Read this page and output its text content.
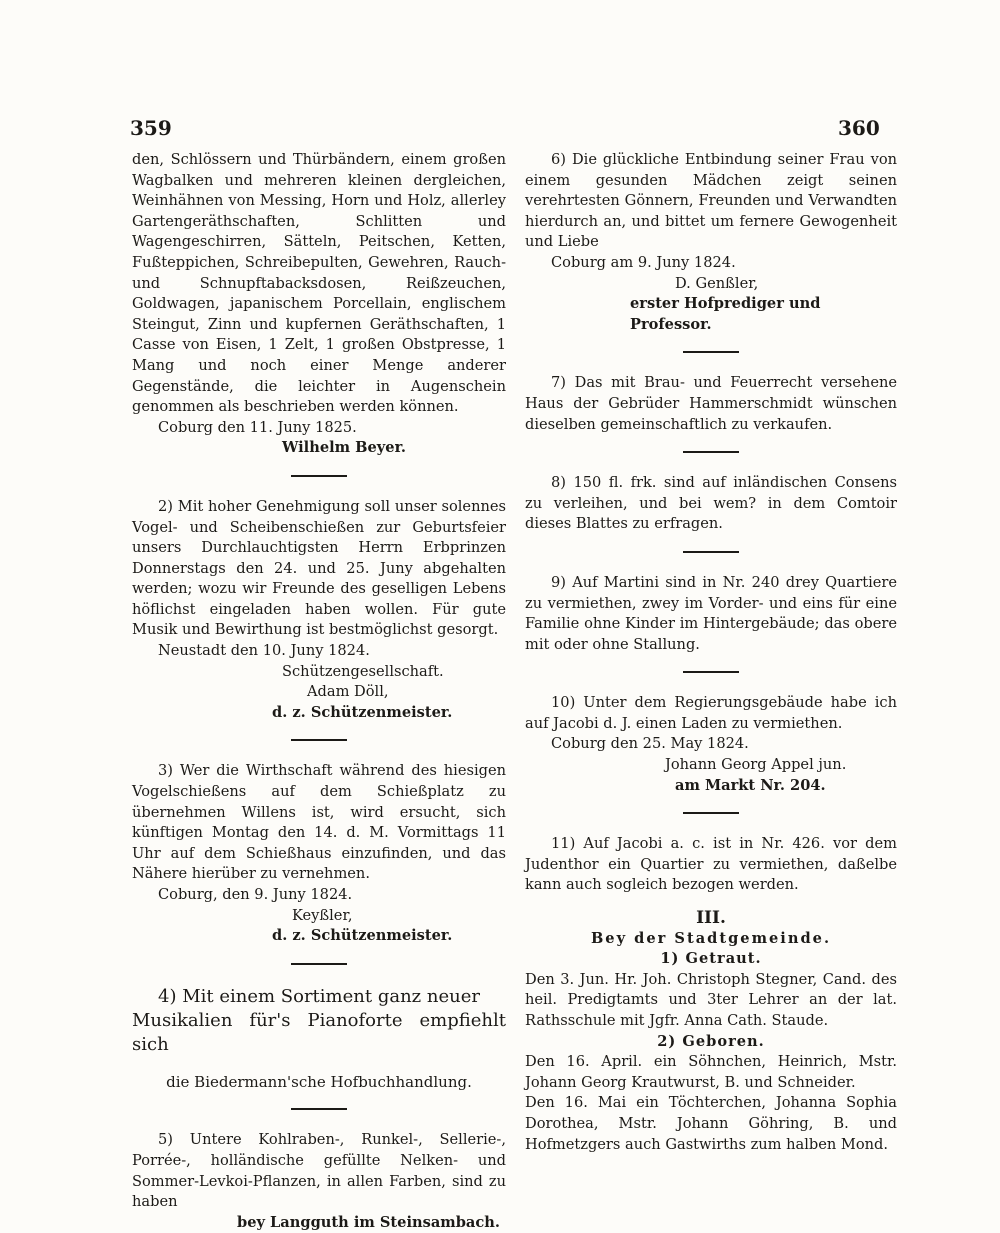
359	360

den, Schlössern und Thürbändern, einem großen Wagbalken und mehreren kleinen dergleichen, Weinhähnen von Messing, Horn und Holz, allerley Gartengeräthschaften, Schlitten und Wagengeschirren, Sätteln, Peitschen, Ketten, Fußteppichen, Schreibepulten, Gewehren, Rauch- und Schnupftabacksdosen, Reißzeuchen, Goldwagen, japanischem Porcellain, englischem Steingut, Zinn und kupfernen Geräthschaften, 1 Casse von Eisen, 1 Zelt, 1 großen Obstpresse, 1 Mang und noch einer Menge anderer Gegenstände, die leichter in Augenschein genommen als beschrieben werden können.

Coburg den 11. Juny 1825.

Wilhelm Beyer.

2) Mit hoher Genehmigung soll unser solennes Vogel- und Scheibenschießen zur Geburtsfeier unsers Durchlauchtigsten Herrn Erbprinzen Donnerstags den 24. und 25. Juny abgehalten werden; wozu wir Freunde des geselligen Lebens höflichst eingeladen haben wollen. Für gute Musik und Bewirthung ist bestmöglichst gesorgt.

Neustadt den 10. Juny 1824.

Schützengesellschaft.

Adam Döll,

d. z. Schützenmeister.

3) Wer die Wirthschaft während des hiesigen Vogelschießens auf dem Schießplatz zu übernehmen Willens ist, wird ersucht, sich künftigen Montag den 14. d. M. Vormittags 11 Uhr auf dem Schießhaus einzufinden, und das Nähere hierüber zu vernehmen.

Coburg, den 9. Juny 1824.

Keyßler,

d. z. Schützenmeister.

4) Mit einem Sortiment ganz neuer

Musikalien für's Pianoforte empfiehlt sich

die Biedermann'sche Hofbuchhandlung.

5) Untere Kohlraben-, Runkel-, Sellerie-, Porrée-, holländische gefüllte Nelken- und Sommer-Levkoi-Pflanzen, in allen Farben, sind zu haben

bey Langguth im Steinsambach.

6) Die glückliche Entbindung seiner Frau von einem gesunden Mädchen zeigt seinen verehrtesten Gönnern, Freunden und Verwandten hierdurch an, und bittet um fernere Gewogenheit und Liebe

Coburg am 9. Juny 1824.

D. Genßler,

erster Hofprediger und Professor.

7) Das mit Brau- und Feuerrecht versehene Haus der Gebrüder Hammerschmidt wünschen dieselben gemeinschaftlich zu verkaufen.

8) 150 fl. frk. sind auf inländischen Consens zu verleihen, und bei wem? in dem Comtoir dieses Blattes zu erfragen.

9) Auf Martini sind in Nr. 240 drey Quartiere zu vermiethen, zwey im Vorder- und eins für eine Familie ohne Kinder im Hintergebäude; das obere mit oder ohne Stallung.

10) Unter dem Regierungsgebäude habe ich auf Jacobi d. J. einen Laden zu vermiethen.

Coburg den 25. May 1824.

Johann Georg Appel jun.

am Markt Nr. 204.

11) Auf Jacobi a. c. ist in Nr. 426. vor dem Judenthor ein Quartier zu vermiethen, daßelbe kann auch sogleich bezogen werden.

III.
Bey der Stadtgemeinde.
1) Getraut.

Den 3. Jun. Hr. Joh. Christoph Stegner, Cand. des heil. Predigtamts und 3ter Lehrer an der lat. Rathsschule mit Jgfr. Anna Cath. Staude.

2) Geboren.

Den 16. April. ein Söhnchen, Heinrich, Mstr. Johann Georg Krautwurst, B. und Schneider.

Den 16. Mai ein Töchterchen, Johanna Sophia Dorothea, Mstr. Johann Göhring, B. und Hofmetzgers auch Gastwirths zum halben Mond.
